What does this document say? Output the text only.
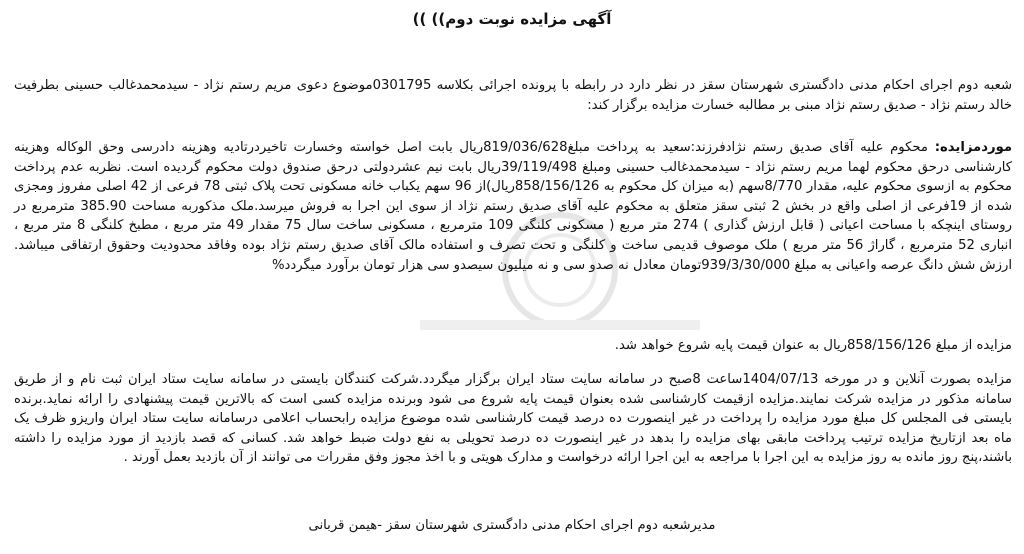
آگهی مزایده نوبت دوم)) ))
شعبه دوم اجرای احکام مدنی دادگستری شهرستان سقز در نظر دارد در رابطه با پرونده اجرائی بکلاسه 0301795موضوع دعوی مریم رستم نژاد - سیدمحمدغالب حسینی بطرفیت خالد رستم نژاد - صدیق رستم نژاد مبنی بر مطالبه خسارت مزایده برگزار کند:
موردمزایده: محکوم علیه آقای صدیق رستم نژادفرزند:سعید به پرداخت مبلغ819/036/628ریال بابت اصل خواسته وخسارت تاخیردرتادیه وهزینه دادرسی وحق الوکاله وهزینه کارشناسی درحق محکوم لهما مریم رستم نژاد - سیدمحمدغالب حسینی ومبلغ 39/119/498ریال بابت نیم عشردولتی درحق صندوق دولت محکوم گردیده است. نظربه عدم پرداخت محکوم به ازسوی محکوم علیه، مقدار 8/770سهم (به میزان کل محکوم به 858/156/126ریال)از 96 سهم یکباب خانه مسکونی تحت پلاک ثبتی 78 فرعی از 42 اصلی مفروز ومجزی شده از 19فرعی از اصلی واقع در بخش 2 ثبتی سقز متعلق به محکوم علیه آقای صدیق رستم نژاد از سوی این اجرا به فروش میرسد.ملک مذکوربه مساحت 385.90 مترمربع در روستای اینچکه با مساحت اعیانی ( قابل ارزش گذاری ) 274 متر مربع ( مسکونی کلنگی 109 مترمربع ، مسکونی ساخت سال 75 مقدار 49 متر مربع ، مطبخ کلنگی 8 متر مربع ، انباری 52 مترمربع ، گاراژ 56 متر مربع ) ملک موصوف قدیمی ساخت و کلنگی و تحت تصرف و استفاده مالک آقای صدیق رستم نژاد بوده وفاقد محدودیت وحقوق ارتفاقی میباشد. ارزش شش دانگ عرصه واعیانی به مبلغ 939/3/30/000تومان معادل نه صدو سی و نه میلیون سیصدو سی هزار تومان برآورد میگردد%
مزایده از مبلغ 858/156/126ریال به عنوان قیمت پایه شروع خواهد شد.
مزایده بصورت آنلاین و در مورخه 1404/07/13ساعت 8صبح در سامانه سایت ستاد ایران برگزار میگردد.شرکت کنندگان بایستی در سامانه سایت ستاد ایران ثبت نام و از طریق سامانه مذکور در مزایده شرکت نمایند.مزایده ازقیمت کارشناسی شده بعنوان قیمت پایه شروع می شود وبرنده مزایده کسی است که بالاترین قیمت پیشنهادی را ارائه نماید.برنده بایستی فی المجلس کل مبلغ مورد مزایده را پرداخت در غیر اینصورت ده درصد قیمت کارشناسی شده موضوع مزایده رابحساب اعلامی درسامانه سایت ستاد ایران واریزو ظرف یک ماه بعد ازتاریخ مزایده ترتیب پرداخت مابقی بهای مزایده را بدهد در غیر اینصورت ده درصد تحویلی به نفع دولت ضبط خواهد شد. کسانی که قصد بازدید از مورد مزایده را داشته باشند،پنج روز مانده به روز مزایده به این اجرا با مراجعه به این اجرا ارائه درخواست و مدارک هویتی و با اخذ مجوز وفق مقررات می توانند از آن بازدید بعمل آورند .
مدیرشعبه دوم اجرای احکام مدنی دادگستری شهرستان سقز -هیمن قربانی
